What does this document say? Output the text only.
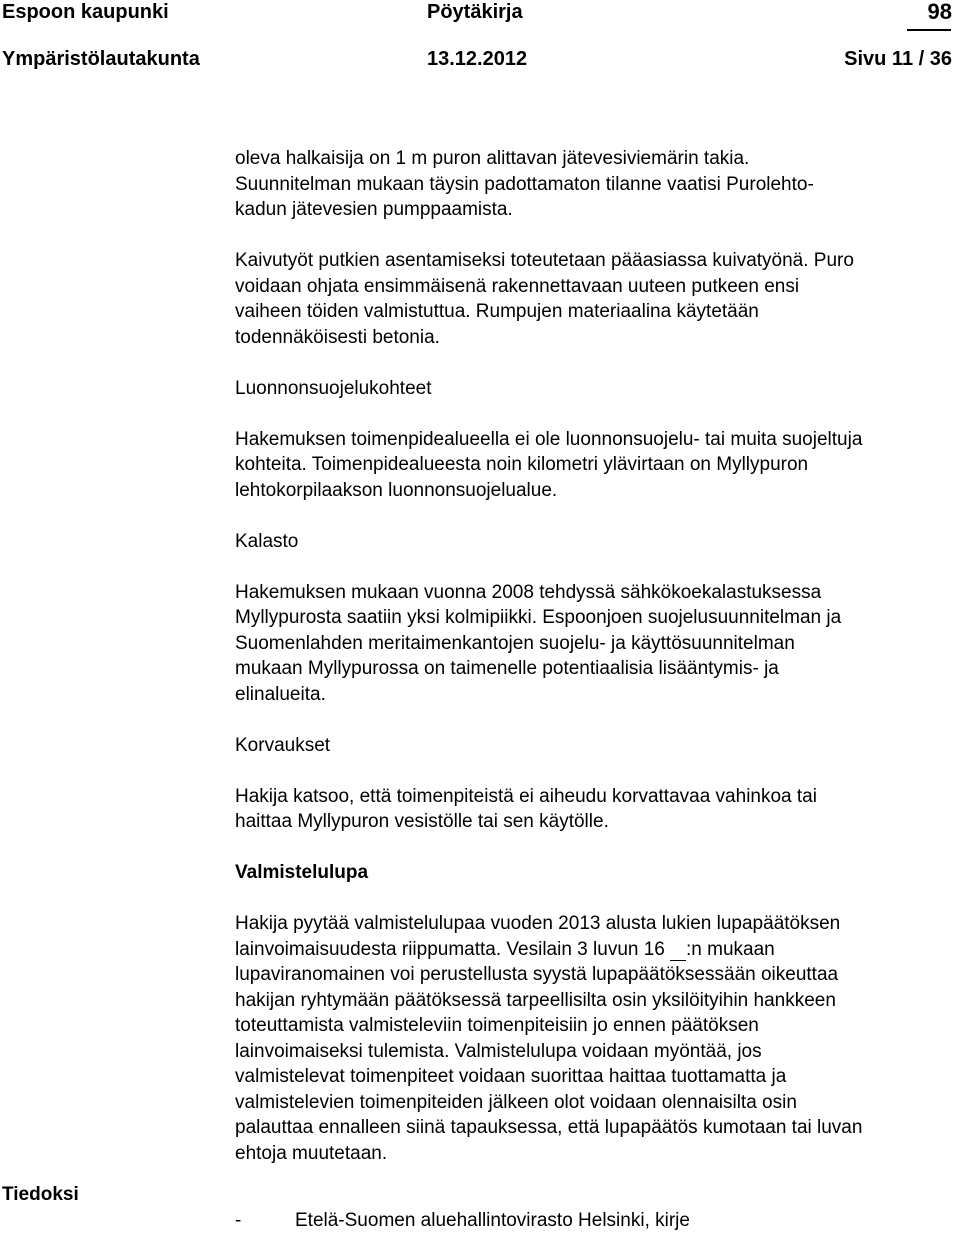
Espoon kaupunki	Pöytäkirja	98
Ympäristölautakunta	13.12.2012	Sivu 11 / 36

oleva halkaisija on 1 m puron alittavan jätevesiviemärin takia.

Suunnitelman mukaan täysin padottamaton tilanne vaatisi Purolehto-

kadun jätevesien pumppaamista.

Kaivutyöt putkien asentamiseksi toteutetaan pääasiassa kuivatyönä. Puro

voidaan ohjata ensimmäisenä rakennettavaan uuteen putkeen ensi

vaiheen töiden valmistuttua. Rumpujen materiaalina käytetään

todennäköisesti betonia.

Luonnonsuojelukohteet

Hakemuksen toimenpidealueella ei ole luonnonsuojelu- tai muita suojeltuja

kohteita. Toimenpidealueesta noin kilometri ylävirtaan on Myllypuron

lehtokorpilaakson luonnonsuojelualue.

Kalasto

Hakemuksen mukaan vuonna 2008 tehdyssä sähkökoekalastuksessa

Myllypurosta saatiin yksi kolmipiikki. Espoonjoen suojelusuunnitelman ja

Suomenlahden meritaimenkantojen suojelu- ja käyttösuunnitelman

mukaan Myllypurossa on taimenelle potentiaalisia lisääntymis- ja

elinalueita.

Korvaukset

Hakija katsoo, että toimenpiteistä ei aiheudu korvattavaa vahinkoa tai

haittaa Myllypuron vesistölle tai sen käytölle.

Valmistelulupa

Hakija pyytää valmistelulupaa vuoden 2013 alusta lukien lupapäätöksen

lainvoimaisuudesta riippumatta. Vesilain 3 luvun 16    :n mukaan

lupaviranomainen voi perustellusta syystä lupapäätöksessään oikeuttaa

hakijan ryhtymään päätöksessä tarpeellisilta osin yksilöityihin hankkeen

toteuttamista valmisteleviin toimenpiteisiin jo ennen päätöksen

lainvoimaiseksi tulemista. Valmistelulupa voidaan myöntää, jos

valmistelevat toimenpiteet voidaan suorittaa haittaa tuottamatta ja

valmistelevien toimenpiteiden jälkeen olot voidaan olennaisilta osin

palauttaa ennalleen siinä tapauksessa, että lupapäätös kumotaan tai luvan

ehtoja muutetaan.

Tiedoksi
-	Etelä-Suomen aluehallintovirasto Helsinki, kirje
